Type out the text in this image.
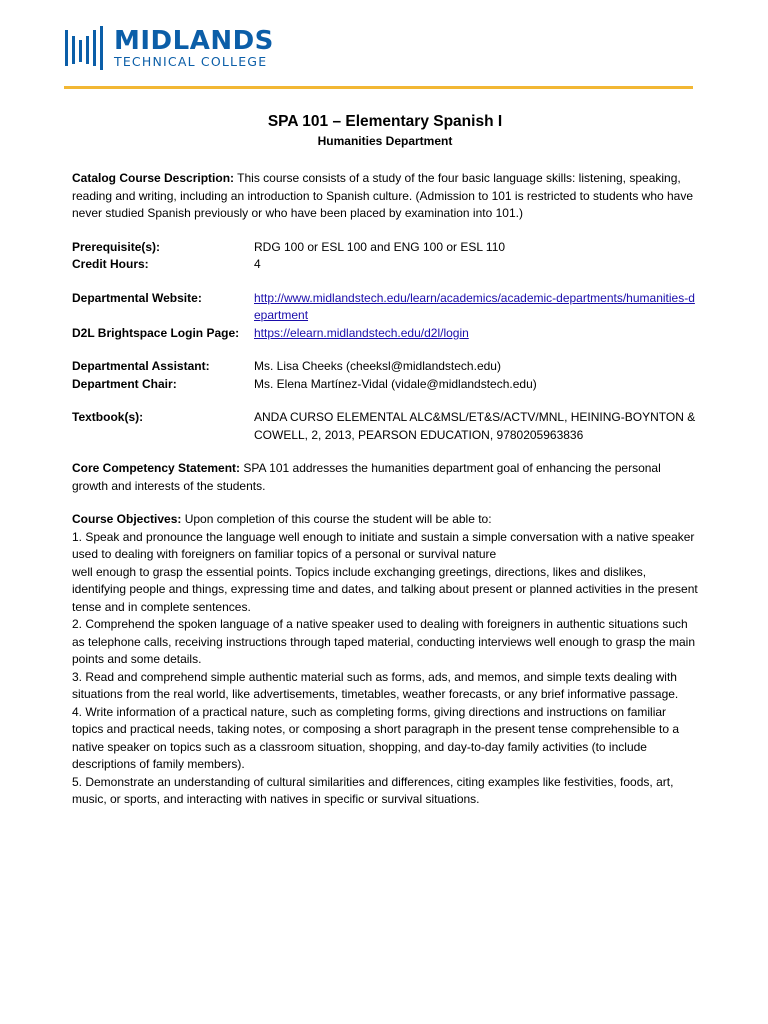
MIDLANDS
TECHNICAL COLLEGE
SPA 101 – Elementary Spanish I
Humanities Department
Catalog Course Description: This course consists of a study of the four basic language skills: listening, speaking, reading and writing, including an introduction to Spanish culture. (Admission to 101 is restricted to students who have never studied Spanish previously or who have been placed by examination into 101.)
Prerequisite(s):	RDG 100 or ESL 100 and ENG 100 or ESL 110
Credit Hours:	4
Departmental Website:	http://www.midlandstech.edu/learn/academics/academic-departments/humanities-department
D2L Brightspace Login Page:	https://elearn.midlandstech.edu/d2l/login
Departmental Assistant:	Ms. Lisa Cheeks (cheeksl@midlandstech.edu)
Department Chair:	Ms. Elena Martínez-Vidal (vidale@midlandstech.edu)
Textbook(s):	ANDA CURSO ELEMENTAL ALC&MSL/ET&S/ACTV/MNL, HEINING-BOYNTON & COWELL, 2, 2013, PEARSON EDUCATION, 9780205963836
Core Competency Statement: SPA 101 addresses the humanities department goal of enhancing the personal growth and interests of the students.
Course Objectives: Upon completion of this course the student will be able to:
1. Speak and pronounce the language well enough to initiate and sustain a simple conversation with a native speaker used to dealing with foreigners on familiar topics of a personal or survival nature
well enough to grasp the essential points. Topics include exchanging greetings, directions, likes and dislikes, identifying people and things, expressing time and dates, and talking about present or planned activities in the present tense and in complete sentences.
2. Comprehend the spoken language of a native speaker used to dealing with foreigners in authentic situations such as telephone calls, receiving instructions through taped material, conducting interviews well enough to grasp the main points and some details.
3. Read and comprehend simple authentic material such as forms, ads, and memos, and simple texts dealing with situations from the real world, like advertisements, timetables, weather forecasts, or any brief informative passage.
4. Write information of a practical nature, such as completing forms, giving directions and instructions on familiar topics and practical needs, taking notes, or composing a short paragraph in the present tense comprehensible to a native speaker on topics such as a classroom situation, shopping, and day-to-day family activities (to include descriptions of family members).
5. Demonstrate an understanding of cultural similarities and differences, citing examples like festivities, foods, art, music, or sports, and interacting with natives in specific or survival situations.
